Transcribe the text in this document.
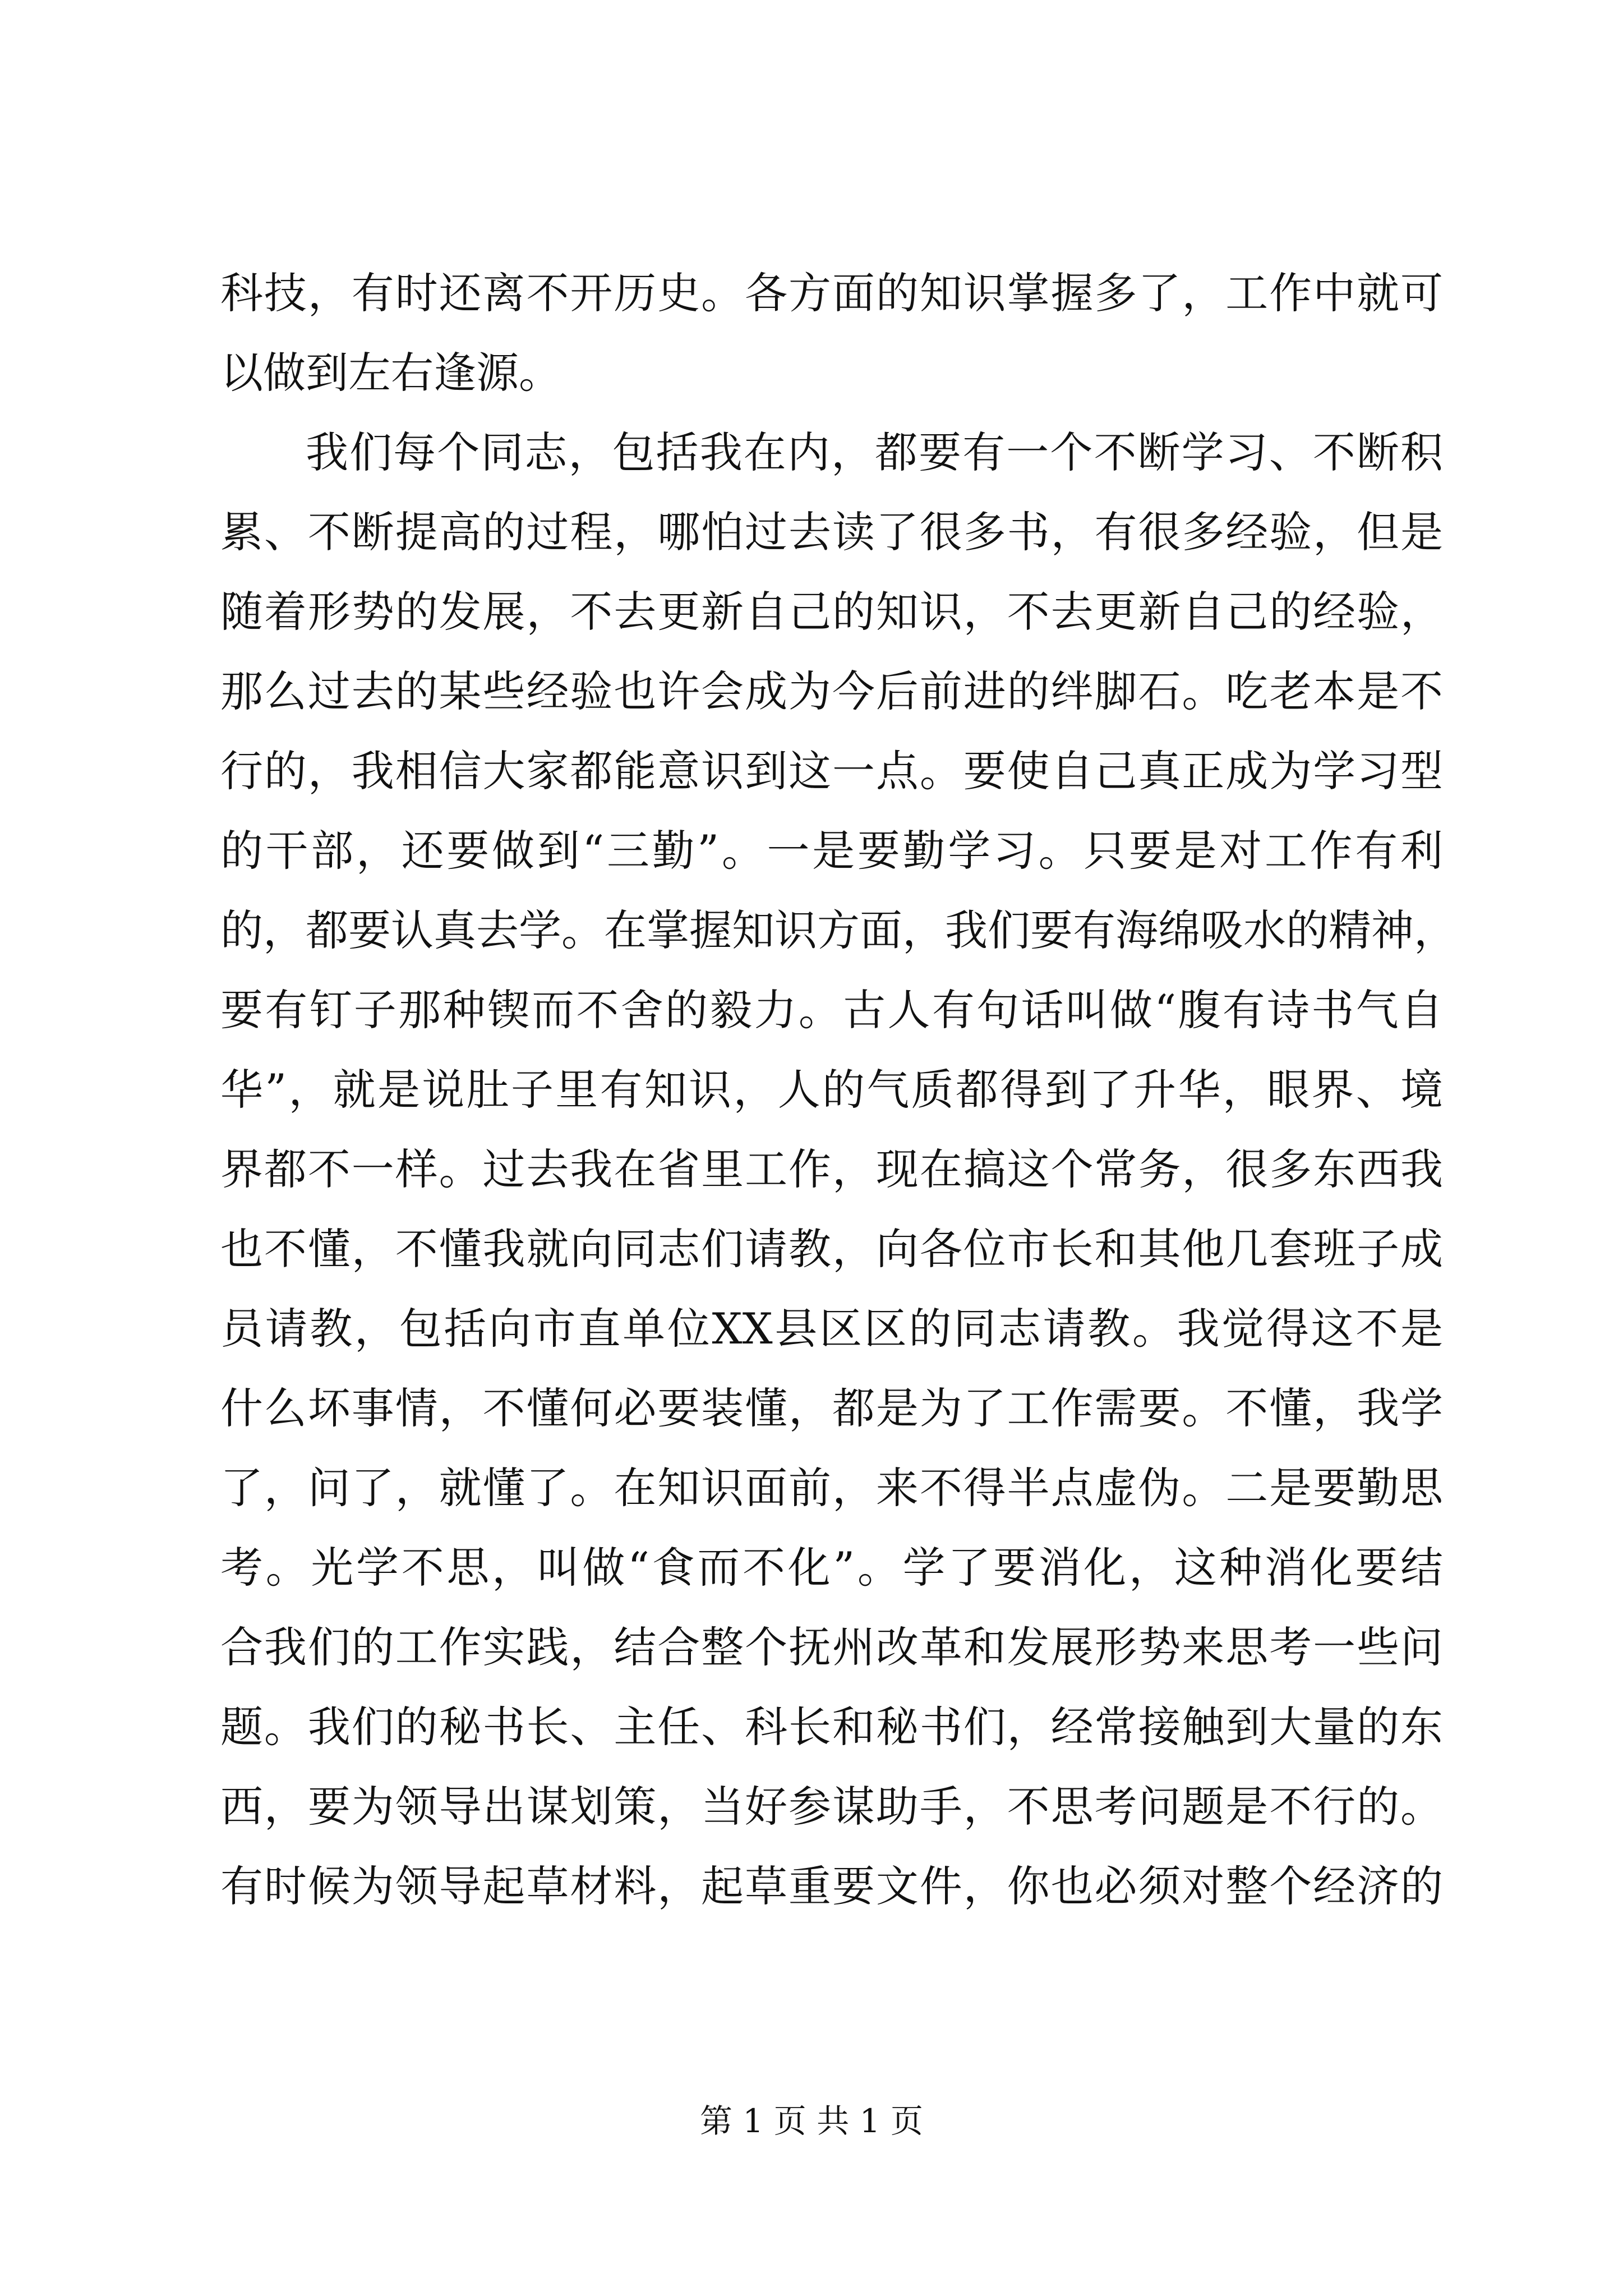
科技，有时还离不开历史。各方面的知识掌握多了，工作中就可
以做到左右逢源。
我们每个同志，包括我在内，都要有一个不断学习、不断积
累、不断提高的过程，哪怕过去读了很多书，有很多经验，但是
随着形势的发展，不去更新自己的知识，不去更新自己的经验，
那么过去的某些经验也许会成为今后前进的绊脚石。吃老本是不
行的，我相信大家都能意识到这一点。要使自己真正成为学习型
的干部，还要做到“三勤”。一是要勤学习。只要是对工作有利
的，都要认真去学。在掌握知识方面，我们要有海绵吸水的精神，
要有钉子那种锲而不舍的毅力。古人有句话叫做“腹有诗书气自
华”，就是说肚子里有知识，人的气质都得到了升华，眼界、境
界都不一样。过去我在省里工作，现在搞这个常务，很多东西我
也不懂，不懂我就向同志们请教，向各位市长和其他几套班子成
员请教，包括向市直单位XX县区区的同志请教。我觉得这不是
什么坏事情，不懂何必要装懂，都是为了工作需要。不懂，我学
了，问了，就懂了。在知识面前，来不得半点虚伪。二是要勤思
考。光学不思，叫做“食而不化”。学了要消化，这种消化要结
合我们的工作实践，结合整个抚州改革和发展形势来思考一些问
题。我们的秘书长、主任、科长和秘书们，经常接触到大量的东
西，要为领导出谋划策，当好参谋助手，不思考问题是不行的。
有时候为领导起草材料，起草重要文件，你也必须对整个经济的
第 1 页 共 1 页
